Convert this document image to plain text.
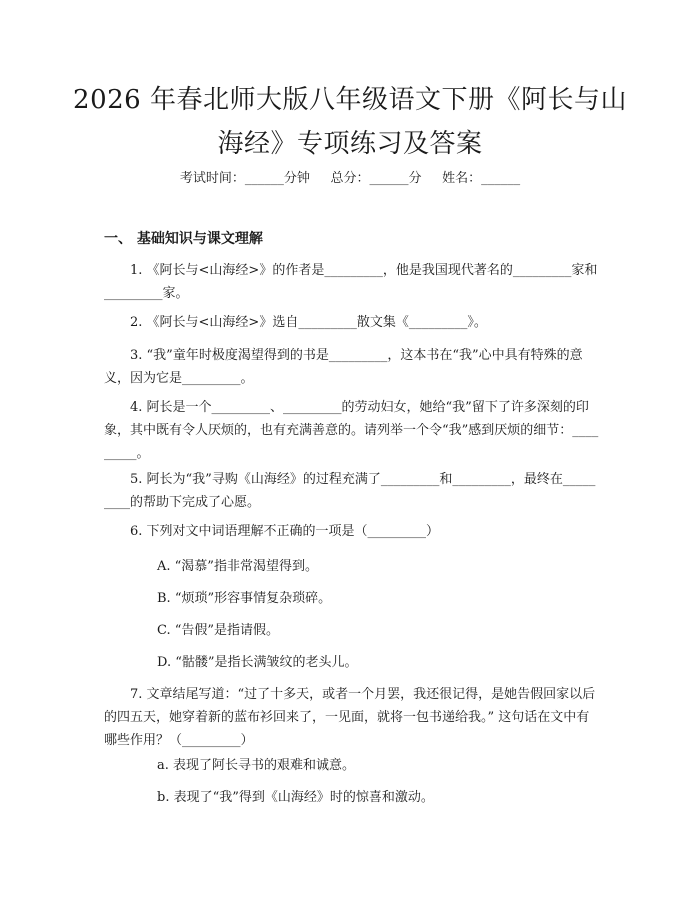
2026 年春北师大版八年级语文下册《阿长与山海经》专项练习及答案
考试时间：______分钟     总分：______分     姓名：______
一、 基础知识与课文理解

1. 《阿长与<山海经>》的作者是_________，他是我国现代著名的_________家和_________家。

2. 《阿长与<山海经>》选自_________散文集《_________》。

3. “我”童年时极度渴望得到的书是_________，这本书在“我”心中具有特殊的意义，因为它是_________。

4. 阿长是一个_________、_________的劳动妇女，她给“我”留下了许多深刻的印象，其中既有令人厌烦的，也有充满善意的。请列举一个令“我”感到厌烦的细节：_________。

5. 阿长为“我”寻购《山海经》的过程充满了_________和_________，最终在_________的帮助下完成了心愿。

6. 下列对文中词语理解不正确的一项是（_________）

A. “渴慕”指非常渴望得到。

B. “烦琐”形容事情复杂琐碎。

C. “告假”是指请假。

D. “骷髅”是指长满皱纹的老头儿。

7. 文章结尾写道：“过了十多天，或者一个月罢，我还很记得，是她告假回家以后的四五天，她穿着新的蓝布衫回来了，一见面，就将一包书递给我。” 这句话在文中有哪些作用？（_________）

a. 表现了阿长寻书的艰难和诚意。

b. 表现了“我”得到《山海经》时的惊喜和激动。
